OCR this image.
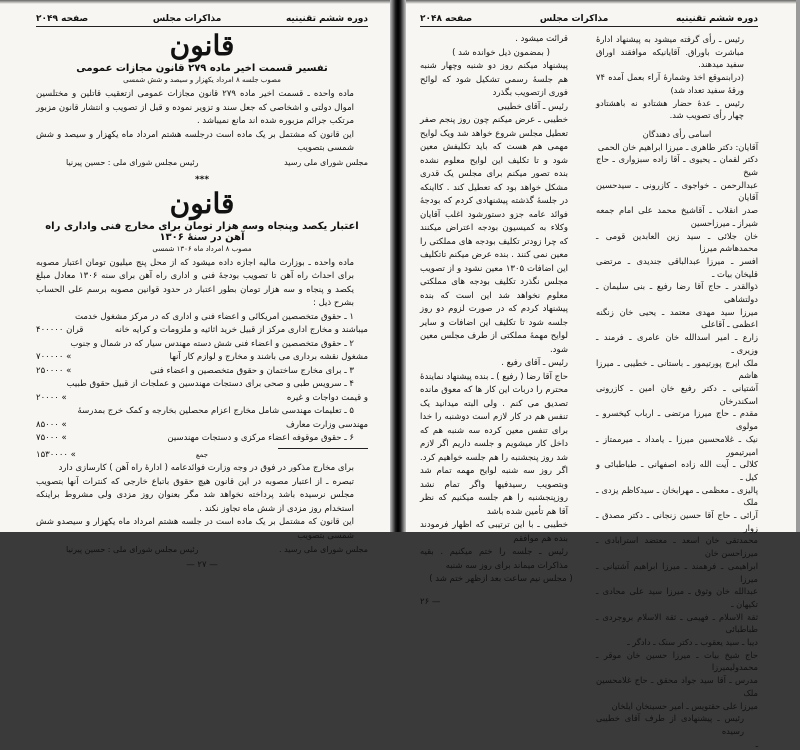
دوره ششم تقنینیه
مذاکرات مجلس
صفحه ۲۰۴۹
قانون
تفسیر قسمت اخیر ماده ۲۷۹ قانون مجازات عمومی
مصوب جلسه ۸ امرداد یکهزار و سیصد و شش شمسی

ماده واحده ـ قسمت اخیر ماده ۲۷۹ قانون مجازات عمومی ازتعقیب قاتلین و مختلسین اموال دولتی و اشخاصی که جعل سند و تزویر نموده و قبل از تصویب و انتشار قانون مزبور مرتکب جرائم مزبوره شده اند مانع نمیباشد .

این قانون که مشتمل بر یک ماده است درجلسه هشتم امرداد ماه یکهزار و سیصد و شش شمسی بتصویب

مجلس شورای ملی رسید
رئیس مجلس شورای ملی : حسین پیرنیا
***
قانون
اعتبار یکصد وپنجاه وسه هزار تومان برای مخارج فنی واداری راه آهن در سنهٔ ۱۳۰۶
مصوب ۸ امرداد ماه ۱۳۰۶ شمسی

ماده واحده ـ بوزارت مالیه اجازه داده میشود که از محل پنج میلیون تومان اعتبار مصوبه برای احداث راه آهن تا تصویب بودجهٔ فنی و اداری راه آهن برای سنه ۱۳۰۶ معادل مبلغ یکصد و پنجاه و سه هزار تومان بطور اعتبار در حدود قوانین مصوبه برسم علی الحساب بشرح ذیل :

۱ ـ حقوق متخصصین امریکائی و اعضاء فنی و اداری که در مرکز مشغول خدمت

میباشند و مخارج اداری مرکز از قبیل خرید اثاثیه و ملزومات و کرایه خانه
۴۰۰۰۰۰ قران

۲ ـ حقوق متخصصین و اعضاء فنی شش دسته مهندس سیار که در شمال و جنوب

مشغول نقشه برداری می باشند و مخارج و لوازم کار آنها
۷۰۰۰۰۰ «
۳ ـ برای مخارج ساختمان و حقوق متخصصین و اعضاء فنی
۲۵۰۰۰۰ «

۴ ـ سرویس طبی و صحی برای دستجات مهندسین و عملجات از قبیل حقوق طبیب

و قیمت دواجات و غیره
۲۰۰۰۰ «

۵ ـ تعلیمات مهندسی شامل مخارج اعزام محصلین بخارجه و کمک خرج بمدرسهٔ

مهندسی وزارت معارف
۸۵۰۰۰ «
۶ ـ حقوق موقوفه اعضاء مرکزی و دستجات مهندسین
۷۵۰۰۰ «
جمع
۱۵۳۰۰۰۰ «

برای مخارج مذکور در فوق در وجه وزارت فوائدعامه ( ادارهٔ راه آهن ) کارسازی دارد

تبصره ـ از اعتبار مصوبه در این قانون هیچ حقوق باتباع خارجی که کنترات آنها بتصویب مجلس نرسیده باشد پرداخته نخواهد شد مگر بعنوان روز مزدی ولی مشروط براینکه استخدام روز مزدی از شش ماه تجاوز نکند .

این قانون که مشتمل بر یک ماده است در جلسه هشتم امرداد ماه یکهزار و سیصدو شش شمسی بتصویب

مجلس شورای ملی رسید .
رئیس مجلس شورای ملی : حسین پیرنیا
— ۲۷ —
دوره ششم تقنینیه
مذاکرات مجلس
صفحه ۲۰۴۸

رئیس ـ رأی گرفته میشود به پیشنهاد ادارهٔ مباشرت باوراق. آقایانیکه موافقند اوراق سفید میدهند.

(درابنموقع اخذ وشمارهٔ آراء بعمل آمده ۷۴ ورقهٔ سفید تعداد شد)

رئیس ـ عدهٔ حضار هشتادو نه باهشتادو چهار رأی تصویب شد.

اسامی رأی دهندگان

آقایان: دکتر طاهری ـ میرزا ابراهیم خان الحمی

دکتر لقمان ـ یحیوی ـ آقا زاده سبزواری ـ حاج شیخ

عبدالرحمن ـ خواجوی ـ کازرونی ـ سیدحسین آقایان

صدر انقلاب ـ آقاشیخ محمد علی امام جمعه شیراز ـ میرزاحسین

خان جلائی ـ سید زین العابدین قومی ـ محمدهاشم میرزا

افسر ـ میرزا عبدالباقی جندیدی ـ مرتضی قلیخان بیات ـ

ذوالقدر ـ حاج آقا رضا رفیع ـ بنی سلیمان ـ دولتشاهی

میرزا سید مهدی معتمد ـ یحیی خان زنگنه اعظمی ـ آقاعلی

زارع ـ امیر اسدالله خان عامری ـ فرمند ـ وزیری ـ

ملک ایرج پورتیمور ـ باستانی ـ خطیبی ـ میرزا هاشم

آشتیانی ـ دکتر رفیع خان امین ـ کازرونی اسکندرخان

مقدم ـ حاج میرزا مرتضی ـ ارباب کیخسرو ـ مولوی

نیک ـ غلامحسین میرزا ـ یامداد ـ میرممتاز ـ امیرتیمور

کلالی ـ آیت الله زاده اصفهانی ـ طباطبائی و کیل ـ

پالیزی ـ معظمی ـ مهرابخان ـ سیدکاظم یزدی ـ ملک

آرائی ـ حاج آقا حسین زنجانی ـ دکتر مصدق ـ زوار

محمدتقی خان اسعد ـ معتضد استرابادی ـ میرزاحسن خان

ابراهیمی ـ فرهمند ـ میرزا ابراهیم آشتیانی ـ میرزا

عبدالله خان وثوق ـ میرزا سید علی محادی ـ تکیهان ـ

ثقة الاسلام ـ فهیمی ـ ثقة الاسلام بروجردی ـ طباطبائی

دیبا ـ سید یعقوب ـ دکتر سنک ـ دادگر ـ

حاج شیخ بیات ـ میرزا حسین خان موقر ـ محمدولیمیرزا

مدرس ـ آقا سید جواد محقق ـ حاج غلامحسین ملک

میرزا علی حقتویس ـ امیر حسینخان ایلخان

رئیس ـ پیشنهادی از طرف آقای خطیبی رسیده

ـ

قرائت میشود .

( بمضمون ذیل خوانده شد )

پیشنهاد میکنم روز دو شنبه وچهار شنبه هم جلسهٔ رسمی تشکیل شود که لوائح فوری ازتصویب بگذرد

رئیس ـ آقای خطیبی

خطیبی ـ عرض میکنم چون روز پنجم صفر تعطیل مجلس شروع خواهد شد ویک لوایح مهمی هم هست که باید تکلیفش معین شود و تا تکلیف این لوایح معلوم نشده بنده تصور میکنم برای مجلس یک قدری مشکل خواهد بود که تعطیل کند . کااینکه در جلسهٔ گذشته پیشنهادی کردم که بودجهٔ فوائد عامه جزو دستورشود اغلب آقایان وکلاء به کمیسیون بودجه اعتراض میکنند که چرا زودتر تکلیف بودجه های مملکتی را معین نمی کنند . بنده عرض میکنم تاتکلیف این اضافات ۱۳۰۵ معین نشود و از تصویب مجلس نگذرد تکلیف بودجه های مملکتی معلوم نخواهد شد این است که بنده پیشنهاد کردم که در صورت لزوم دو روز جلسه شود تا تکلیف این اضافات و سایر لوایح مهمهٔ مملکتی از طرف مجلس معین شود.

رئیس ـ آقای رفیع .

حاج آقا رضا ( رفیع ) ـ بنده پیشنهاد نمایندهٔ محترم را دربات این کار ها که معوق مانده تصدیق می کنم . ولی البته میدانید یک تنفس هم در کار لازم است دوشنبه را خدا برای تنفس معین کرده سه شنبه هم که داخل کار میشویم و جلسه داریم اگر لازم شد روز پنجشنبه را هم جلسه خواهیم کرد. اگر روز سه شنبه لوایح مهمه تمام شد وبتصویب رسیدفیها واگر تمام نشد روزپنجشنبه را هم جلسه میکنیم که نظر آقا هم تأمین شده باشد

خطیبی ـ با این ترتیبی که اظهار فرمودند بنده هم موافقم

رئیس ـ جلسه را ختم میکنیم . بقیه مذاکرات میماند برای روز سه شنبه

( مجلس نیم ساعت بعد ازظهر ختم شد )

— ۲۶
